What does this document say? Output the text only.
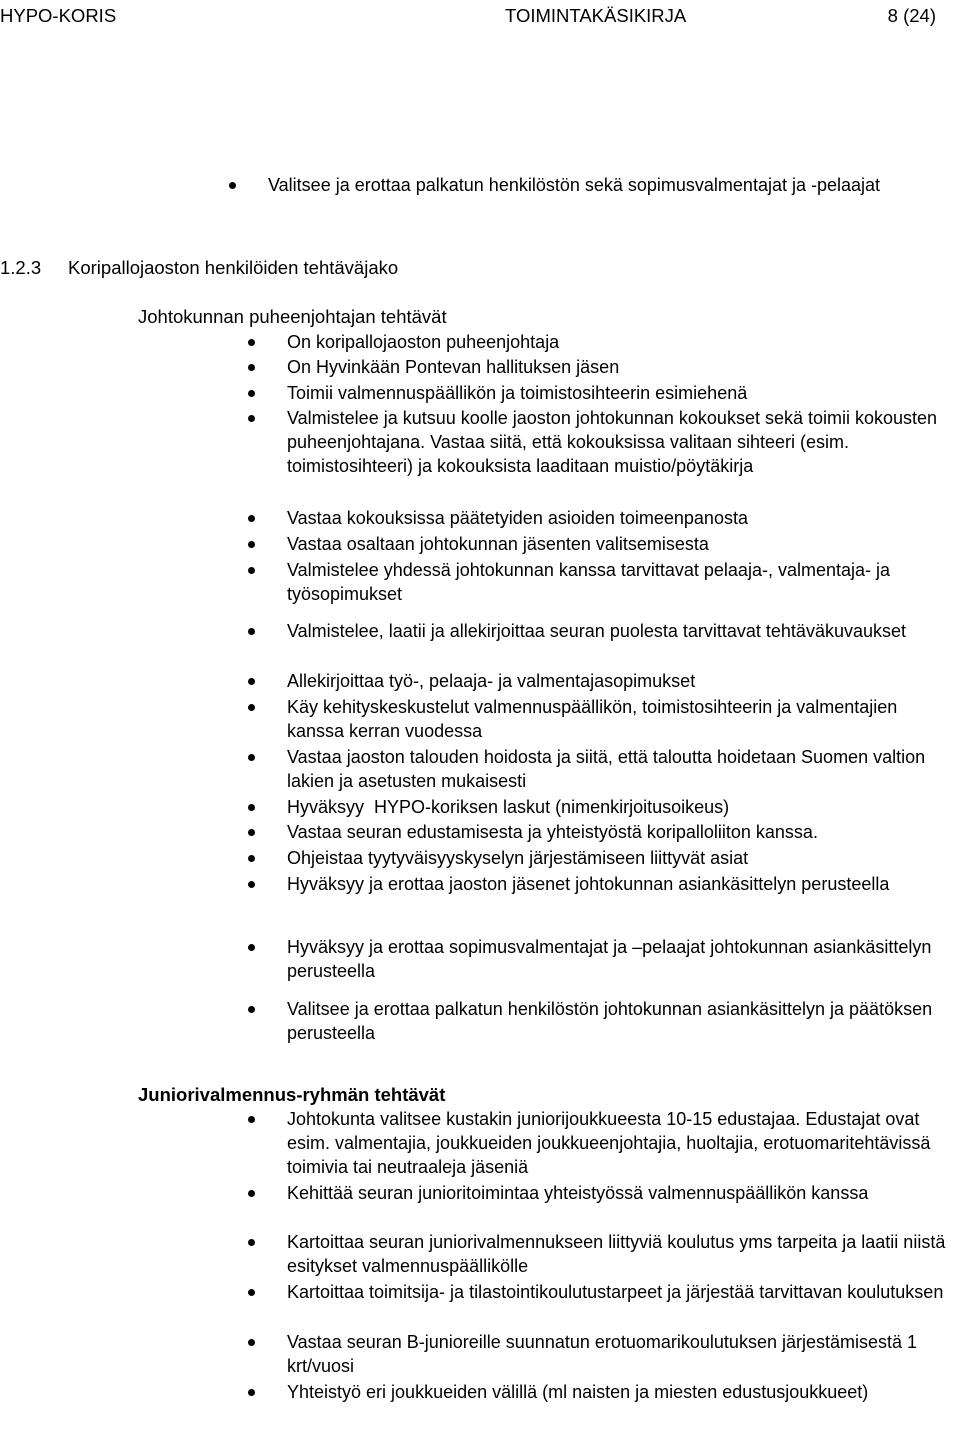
HYPO-KORIS	TOIMINTAKÄSIKIRJA	8 (24)

Valitsee ja erottaa palkatun henkilöstön sekä sopimusvalmentajat ja -pelaajat

1.2.3 Koripallojaoston henkilöiden tehtäväjako
Johtokunnan puheenjohtajan tehtävät

On koripallojaoston puheenjohtaja

On Hyvinkään Pontevan hallituksen jäsen

Toimii valmennuspäällikön ja toimistosihteerin esimiehenä

Valmistelee ja kutsuu koolle jaoston johtokunnan kokoukset sekä toimii kokousten puheenjohtajana. Vastaa siitä, että kokouksissa valitaan sihteeri (esim. toimistosihteeri) ja kokouksista laaditaan muistio/pöytäkirja

Vastaa kokouksissa päätetyiden asioiden toimeenpanosta

Vastaa osaltaan johtokunnan jäsenten valitsemisesta

Valmistelee yhdessä johtokunnan kanssa tarvittavat pelaaja-, valmentaja- ja työsopimukset

Valmistelee, laatii ja allekirjoittaa seuran puolesta tarvittavat tehtäväkuvaukset

Allekirjoittaa työ-, pelaaja- ja valmentajasopimukset

Käy kehityskeskustelut valmennuspäällikön, toimistosihteerin ja valmentajien kanssa kerran vuodessa

Vastaa jaoston talouden hoidosta ja siitä, että taloutta hoidetaan Suomen valtion lakien ja asetusten mukaisesti

Hyväksyy  HYPO-koriksen laskut (nimenkirjoitusoikeus)

Vastaa seuran edustamisesta ja yhteistyöstä koripalloliiton kanssa.

Ohjeistaa tyytyväisyyskyselyn järjestämiseen liittyvät asiat

Hyväksyy ja erottaa jaoston jäsenet johtokunnan asiankäsittelyn perusteella

Hyväksyy ja erottaa sopimusvalmentajat ja –pelaajat johtokunnan asiankäsittelyn perusteella

Valitsee ja erottaa palkatun henkilöstön johtokunnan asiankäsittelyn ja päätöksen perusteella

Juniorivalmennus-ryhmän tehtävät

Johtokunta valitsee kustakin juniorijoukkueesta 10-15 edustajaa. Edustajat ovat esim. valmentajia, joukkueiden joukkueenjohtajia, huoltajia, erotuomaritehtävissä toimivia tai neutraaleja jäseniä

Kehittää seuran junioritoimintaa yhteistyössä valmennuspäällikön kanssa

Kartoittaa seuran juniorivalmennukseen liittyviä koulutus yms tarpeita ja laatii niistä esitykset valmennuspäällikölle

Kartoittaa toimitsija- ja tilastointikoulutustarpeet ja järjestää tarvittavan koulutuksen

Vastaa seuran B-junioreille suunnatun erotuomarikoulutuksen järjestämisestä 1 krt/vuosi

Yhteistyö eri joukkueiden välillä (ml naisten ja miesten edustusjoukkueet)
